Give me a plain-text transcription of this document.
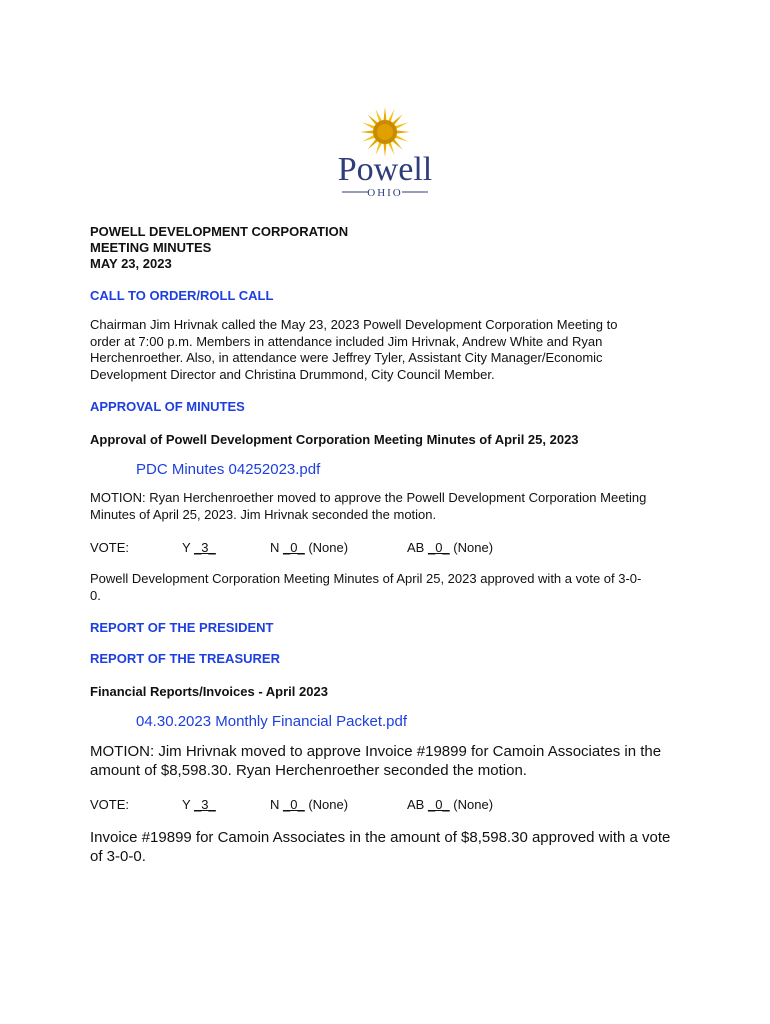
Powell
OHIO

POWELL DEVELOPMENT CORPORATION

MEETING MINUTES

MAY 23, 2023

CALL TO ORDER/ROLL CALL

Chairman Jim Hrivnak called the May 23, 2023 Powell Development Corporation Meeting to

order at 7:00 p.m. Members in attendance included Jim Hrivnak, Andrew White and Ryan

Herchenroether. Also, in attendance were Jeffrey Tyler, Assistant City Manager/Economic

Development Director and Christina Drummond, City Council Member.

APPROVAL OF MINUTES

Approval of Powell Development Corporation Meeting Minutes of April 25, 2023

PDC Minutes 04252023.pdf

MOTION: Ryan Herchenroether moved to approve the Powell Development Corporation Meeting

Minutes of April 25, 2023. Jim Hrivnak seconded the motion.

VOTE:	Y _3_	N _0_ (None)	AB _0_ (None)

Powell Development Corporation Meeting Minutes of April 25, 2023 approved with a vote of 3-0-

0.

REPORT OF THE PRESIDENT

REPORT OF THE TREASURER

Financial Reports/Invoices - April 2023

04.30.2023 Monthly Financial Packet.pdf

MOTION: Jim Hrivnak moved to approve Invoice #19899 for Camoin Associates in the

amount of $8,598.30. Ryan Herchenroether seconded the motion.

VOTE:	Y _3_	N _0_ (None)	AB _0_ (None)

Invoice #19899 for Camoin Associates in the amount of $8,598.30 approved with a vote

of 3-0-0.
